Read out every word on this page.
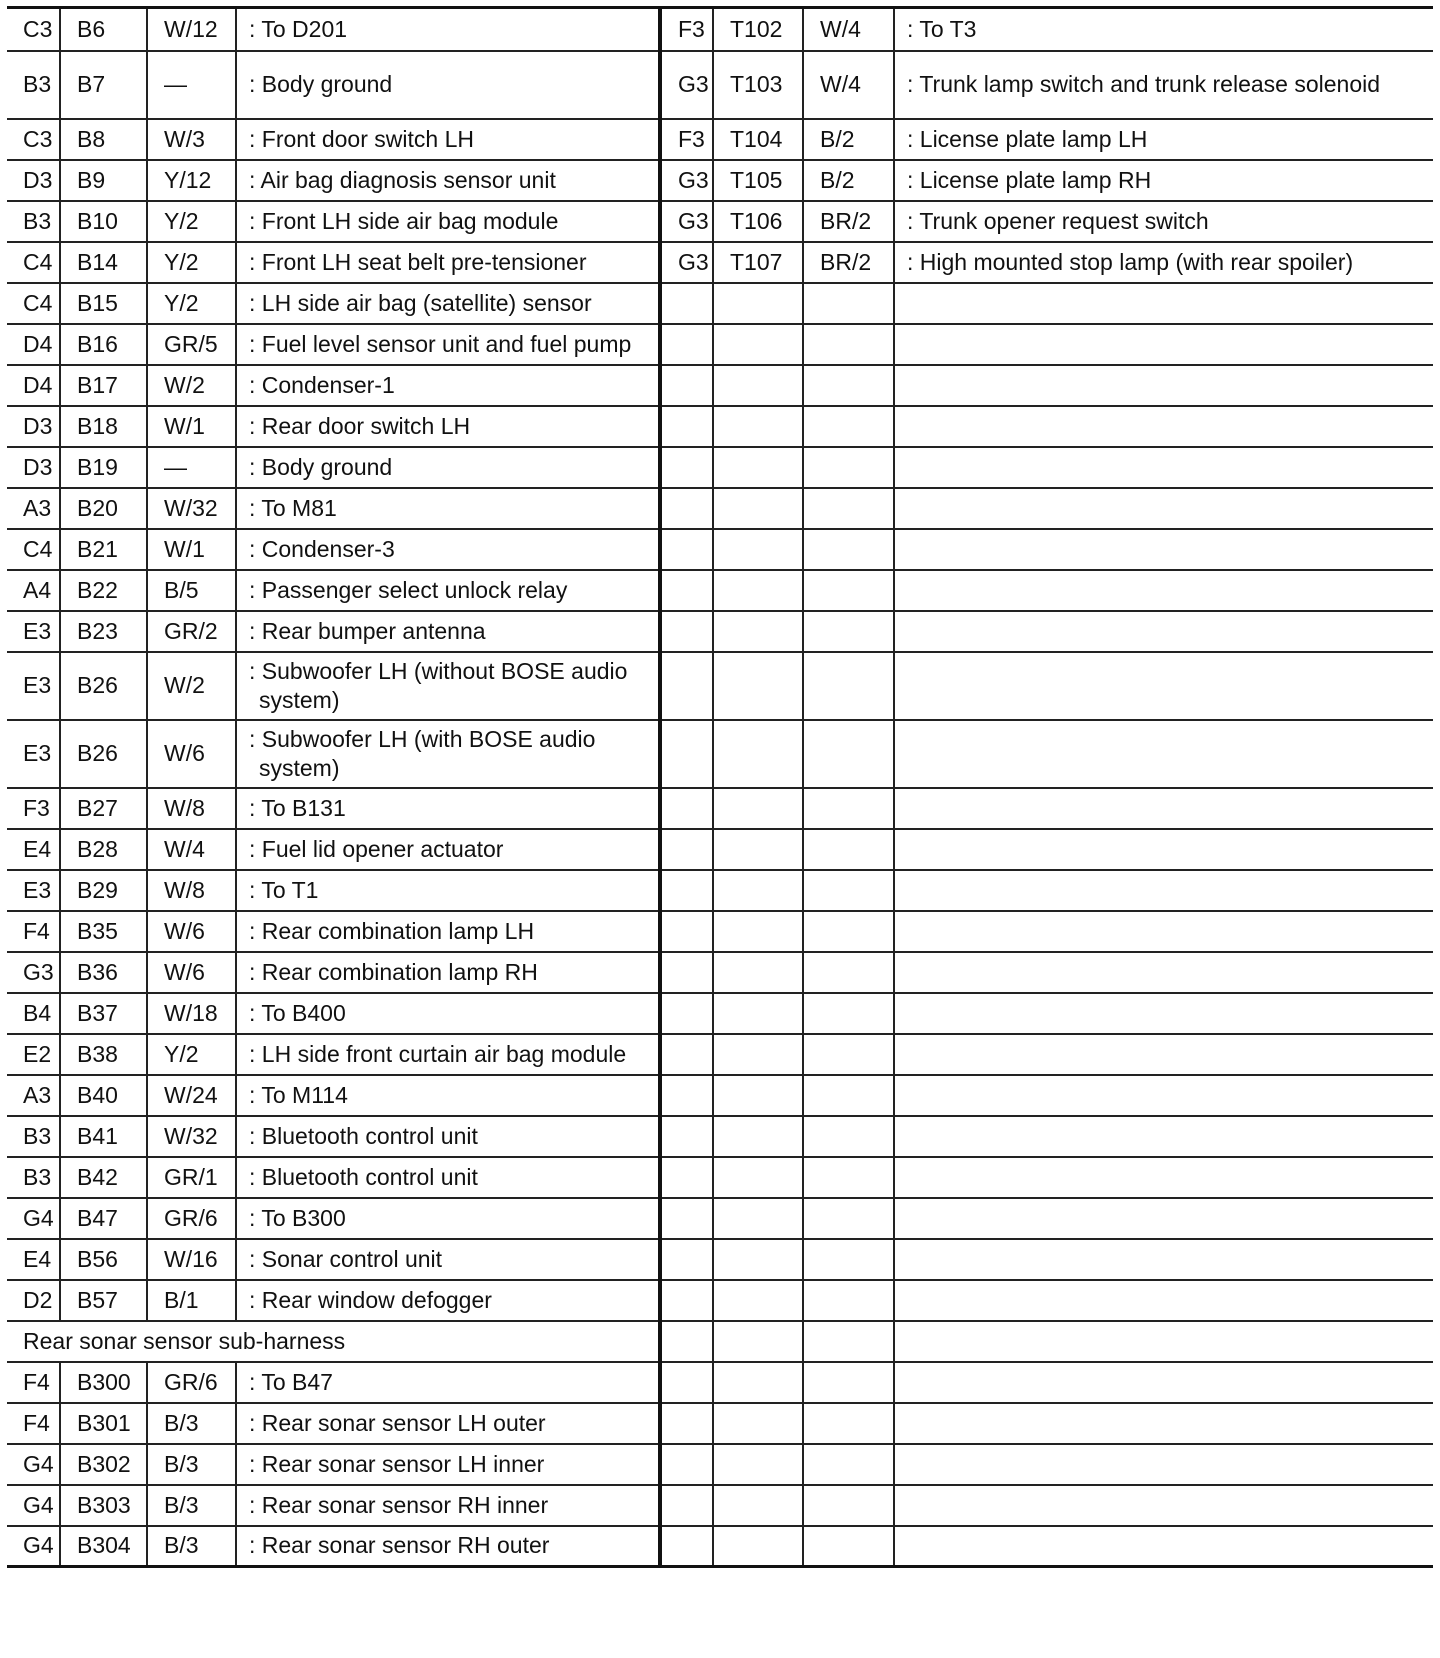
C3	B6	W/12	: To D201	F3	T102	W/4	: To T3

B3	B7	—	: Body ground	G3	T103	W/4	: Trunk lamp switch and trunk release solenoid

C3	B8	W/3	: Front door switch LH	F3	T104	B/2	: License plate lamp LH

D3	B9	Y/12	: Air bag diagnosis sensor unit	G3	T105	B/2	: License plate lamp RH

B3	B10	Y/2	: Front LH side air bag module	G3	T106	BR/2	: Trunk opener request switch

C4	B14	Y/2	: Front LH seat belt pre-tensioner	G3	T107	BR/2	: High mounted stop lamp (with rear spoiler)

C4	B15	Y/2	: LH side air bag (satellite) sensor				

D4	B16	GR/5	: Fuel level sensor unit and fuel pump				

D4	B17	W/2	: Condenser-1				

D3	B18	W/1	: Rear door switch LH				

D3	B19	—	: Body ground				

A3	B20	W/32	: To M81				

C4	B21	W/1	: Condenser-3				

A4	B22	B/5	: Passenger select unlock relay				

E3	B23	GR/2	: Rear bumper antenna				

E3	B26	W/2	: Subwoofer LH (without BOSE audio system)				

E3	B26	W/6	: Subwoofer LH (with BOSE audio system)				

F3	B27	W/8	: To B131				

E4	B28	W/4	: Fuel lid opener actuator				

E3	B29	W/8	: To T1				

F4	B35	W/6	: Rear combination lamp LH				

G3	B36	W/6	: Rear combination lamp RH				

B4	B37	W/18	: To B400				

E2	B38	Y/2	: LH side front curtain air bag module				

A3	B40	W/24	: To M114				

B3	B41	W/32	: Bluetooth control unit				

B3	B42	GR/1	: Bluetooth control unit				

G4	B47	GR/6	: To B300				

E4	B56	W/16	: Sonar control unit				

D2	B57	B/1	: Rear window defogger				

Rear sonar sensor sub-harness							
F4	B300	GR/6	: To B47				

F4	B301	B/3	: Rear sonar sensor LH outer				

G4	B302	B/3	: Rear sonar sensor LH inner				

G4	B303	B/3	: Rear sonar sensor RH inner				

G4	B304	B/3	: Rear sonar sensor RH outer				
